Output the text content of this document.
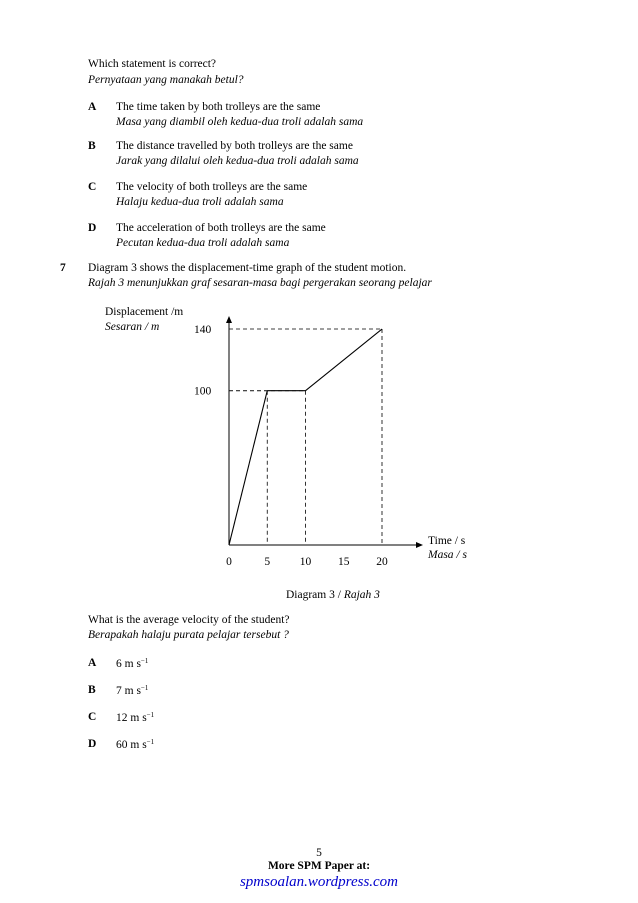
Which statement is correct?
Pernyataan yang manakah betul?
A The time taken by both trolleys are the same
Masa yang diambil oleh kedua-dua troli adalah sama
B The distance travelled by both trolleys are the same
Jarak yang dilalui oleh kedua-dua troli adalah sama
C The velocity of both trolleys are the same
Halaju kedua-dua troli adalah sama
D The acceleration of both trolleys are the same
Pecutan kedua-dua troli adalah sama
7 Diagram 3 shows the displacement-time graph of the student motion.
Rajah 3 menunjukkan graf sesaran-masa bagi pergerakan seorang pelajar
Displacement /m
Sesaran / m
Time / s
Masa / s
0	5	10 15 20
100
140
Diagram 3 / Rajah 3
What is the average velocity of the student?
Berapakah halaju purata pelajar tersebut ?
A 6 m $s^{-1}$
B 7 m $s^{-1}$
C 12 m $s^{-1}$
D 60 m $s^{-1}$
5
More SPM Paper at:
spmsoalan.wordpress.com
